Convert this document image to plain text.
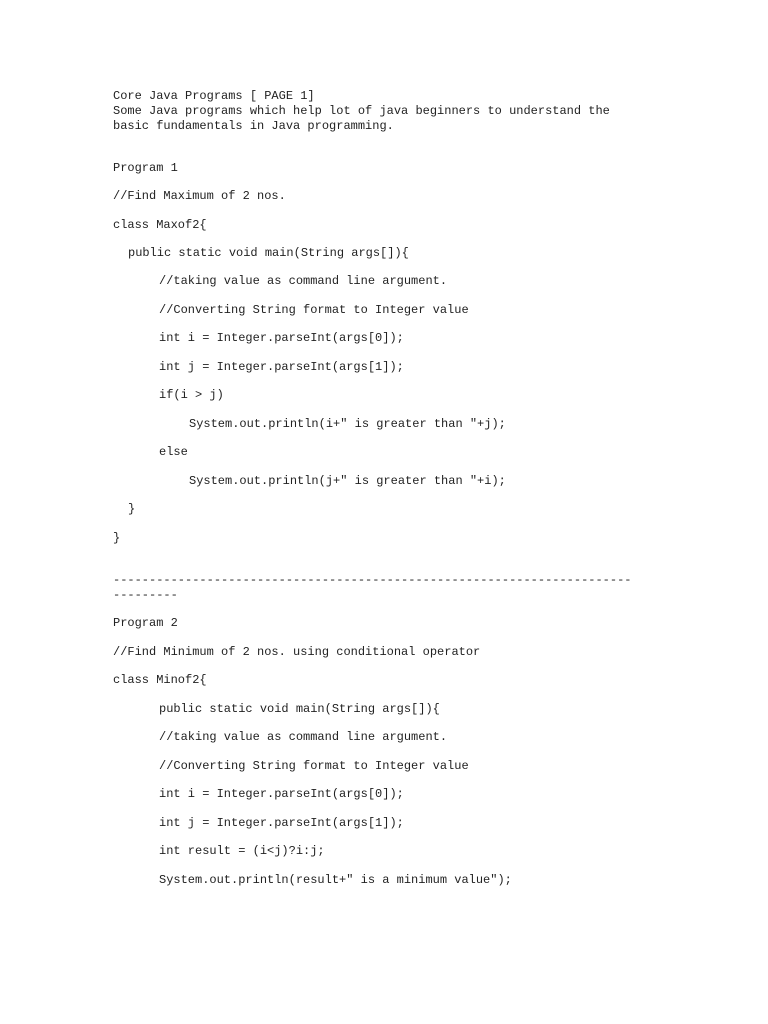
Core Java Programs [ PAGE 1]
Some Java programs which help lot of java beginners to understand the
basic fundamentals in Java programming.
Program 1
//Find Maximum of 2 nos.
class Maxof2{
public static void main(String args[]){
//taking value as command line argument.
//Converting String format to Integer value
int i = Integer.parseInt(args[0]);
int j = Integer.parseInt(args[1]);
if(i > j)
System.out.println(i+" is greater than "+j);
else
System.out.println(j+" is greater than "+i);
}
}
------------------------------------------------------------------------
---------
Program 2
//Find Minimum of 2 nos. using conditional operator
class Minof2{
public static void main(String args[]){
//taking value as command line argument.
//Converting String format to Integer value
int i = Integer.parseInt(args[0]);
int j = Integer.parseInt(args[1]);
int result = (i<j)?i:j;
System.out.println(result+" is a minimum value");
